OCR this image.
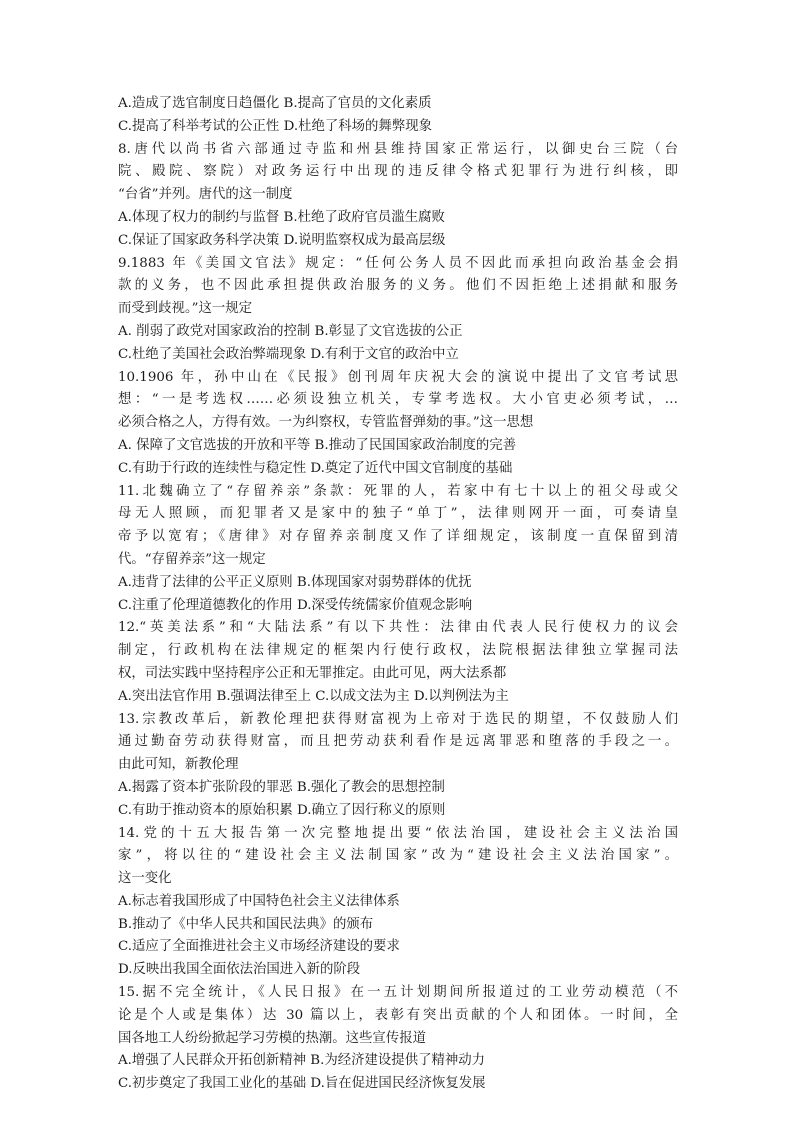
A.造成了选官制度日趋僵化 B.提高了官员的文化素质
C.提高了科举考试的公正性 D.杜绝了科场的舞弊现象
8.唐代以尚书省六部通过寺监和州县维持国家正常运行，以御史台三院（台
院、殿院、察院）对政务运行中出现的违反律令格式犯罪行为进行纠核，即
“台省”并列。唐代的这一制度
A.体现了权力的制约与监督 B.杜绝了政府官员滥生腐败
C.保证了国家政务科学决策 D.说明监察权成为最高层级
9.1883 年《美国文官法》规定：“任何公务人员不因此而承担向政治基金会捐
款的义务，也不因此承担提供政治服务的义务。他们不因拒绝上述捐献和服务
而受到歧视。”这一规定
A. 削弱了政党对国家政治的控制 B.彰显了文官选拔的公正
C.杜绝了美国社会政治弊端现象 D.有利于文官的政治中立
10.1906 年，孙中山在《民报》创刊周年庆祝大会的演说中提出了文官考试思
想：“一是考选权……必须设独立机关，专掌考选权。大小官吏必须考试，…
必须合格之人，方得有效。一为纠察权，专管监督弹劾的事。”这一思想
A. 保障了文官选拔的开放和平等 B.推动了民国国家政治制度的完善
C.有助于行政的连续性与稳定性 D.奠定了近代中国文官制度的基础
11.北魏确立了“存留养亲”条款：死罪的人，若家中有七十以上的祖父母或父
母无人照顾，而犯罪者又是家中的独子“单丁”，法律则网开一面，可奏请皇
帝予以宽宥；《唐律》对存留养亲制度又作了详细规定，该制度一直保留到清
代。“存留养亲”这一规定
A.违背了法律的公平正义原则 B.体现国家对弱势群体的优抚
C.注重了伦理道德教化的作用 D.深受传统儒家价值观念影响
12.“英美法系”和“大陆法系”有以下共性：法律由代表人民行使权力的议会
制定，行政机构在法律规定的框架内行使行政权，法院根据法律独立掌握司法
权，司法实践中坚持程序公正和无罪推定。由此可见，两大法系都
A.突出法官作用 B.强调法律至上 C.以成文法为主 D.以判例法为主
13.宗教改革后，新教伦理把获得财富视为上帝对于选民的期望，不仅鼓励人们
通过勤奋劳动获得财富，而且把劳动获利看作是远离罪恶和堕落的手段之一。
由此可知，新教伦理
A.揭露了资本扩张阶段的罪恶 B.强化了教会的思想控制
C.有助于推动资本的原始积累 D.确立了因行称义的原则
14.党的十五大报告第一次完整地提出要“依法治国，建设社会主义法治国
家”，将以往的“建设社会主义法制国家”改为“建设社会主义法治国家”。
这一变化
A.标志着我国形成了中国特色社会主义法律体系
B.推动了《中华人民共和国民法典》的颁布
C.适应了全面推进社会主义市场经济建设的要求
D.反映出我国全面依法治国进入新的阶段
15.据不完全统计，《人民日报》在一五计划期间所报道过的工业劳动模范（不
论是个人或是集体）达 30 篇以上，表彰有突出贡献的个人和团体。一时间，全
国各地工人纷纷掀起学习劳模的热潮。这些宣传报道
A.增强了人民群众开拓创新精神 B.为经济建设提供了精神动力
C.初步奠定了我国工业化的基础 D.旨在促进国民经济恢复发展
